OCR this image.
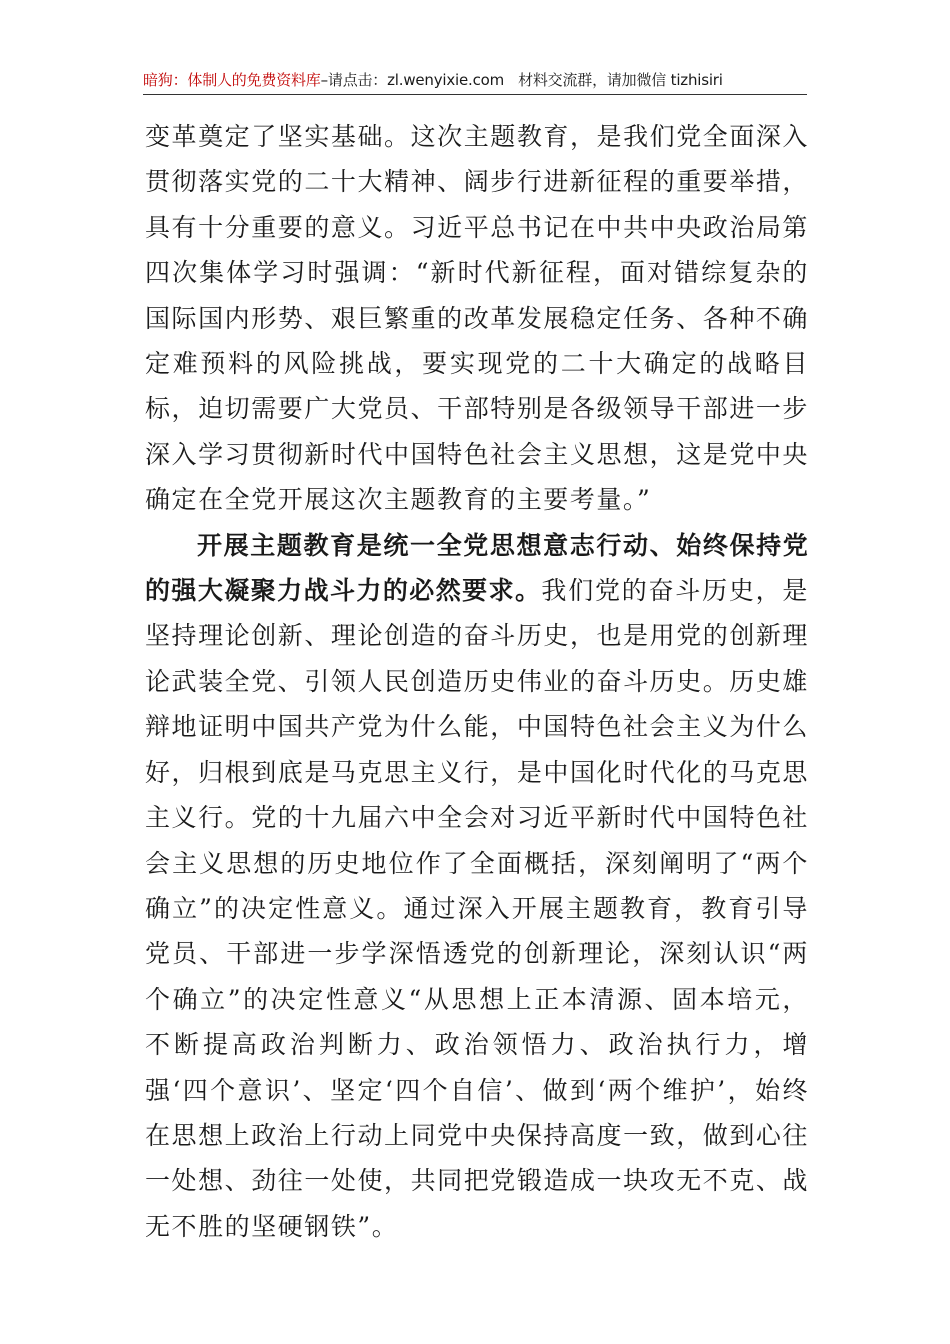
暗狗：体制人的免费资料库–请点击：zl.wenyixie.com 材料交流群，请加微信 tizhisiri

变革奠定了坚实基础。这次主题教育，是我们党全面深入贯彻落实党的二十大精神、阔步行进新征程的重要举措，具有十分重要的意义。习近平总书记在中共中央政治局第四次集体学习时强调：“新时代新征程，面对错综复杂的国际国内形势、艰巨繁重的改革发展稳定任务、各种不确定难预料的风险挑战，要实现党的二十大确定的战略目标，迫切需要广大党员、干部特别是各级领导干部进一步深入学习贯彻新时代中国特色社会主义思想，这是党中央确定在全党开展这次主题教育的主要考量。”

开展主题教育是统一全党思想意志行动、始终保持党的强大凝聚力战斗力的必然要求。我们党的奋斗历史，是坚持理论创新、理论创造的奋斗历史，也是用党的创新理论武装全党、引领人民创造历史伟业的奋斗历史。历史雄辩地证明中国共产党为什么能，中国特色社会主义为什么好，归根到底是马克思主义行，是中国化时代化的马克思主义行。党的十九届六中全会对习近平新时代中国特色社会主义思想的历史地位作了全面概括，深刻阐明了“两个确立”的决定性意义。通过深入开展主题教育，教育引导党员、干部进一步学深悟透党的创新理论，深刻认识“两个确立”的决定性意义“从思想上正本清源、固本培元，不断提高政治判断力、政治领悟力、政治执行力，增强‘四个意识’、坚定‘四个自信’、做到‘两个维护’，始终在思想上政治上行动上同党中央保持高度一致，做到心往一处想、劲往一处使，共同把党锻造成一块攻无不克、战无不胜的坚硬钢铁”。
